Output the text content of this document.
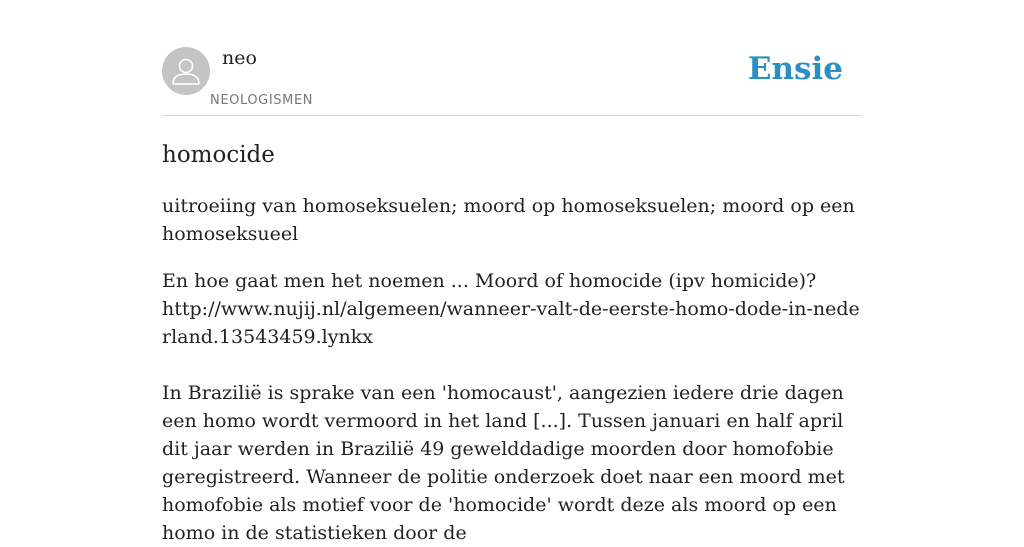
neo
NEOLOGISMEN
Ensie
homocide

uitroeiing van homoseksuelen; moord op homoseksuelen; moord op een homoseksueel

En hoe gaat men het noemen ... Moord of homocide (ipv homicide)?

http://www.nujij.nl/algemeen/wanneer-valt-de-eerste-homo-dode-in-nederland.13543459.lynkx

In Brazilië is sprake van een 'homocaust', aangezien iedere drie dagen een homo wordt vermoord in het land [...]. Tussen januari en half april dit jaar werden in Brazilië 49 gewelddadige moorden door homofobie geregistreerd. Wanneer de politie onderzoek doet naar een moord met homofobie als motief voor de 'homocide' wordt deze als moord op een homo in de statistieken door de
